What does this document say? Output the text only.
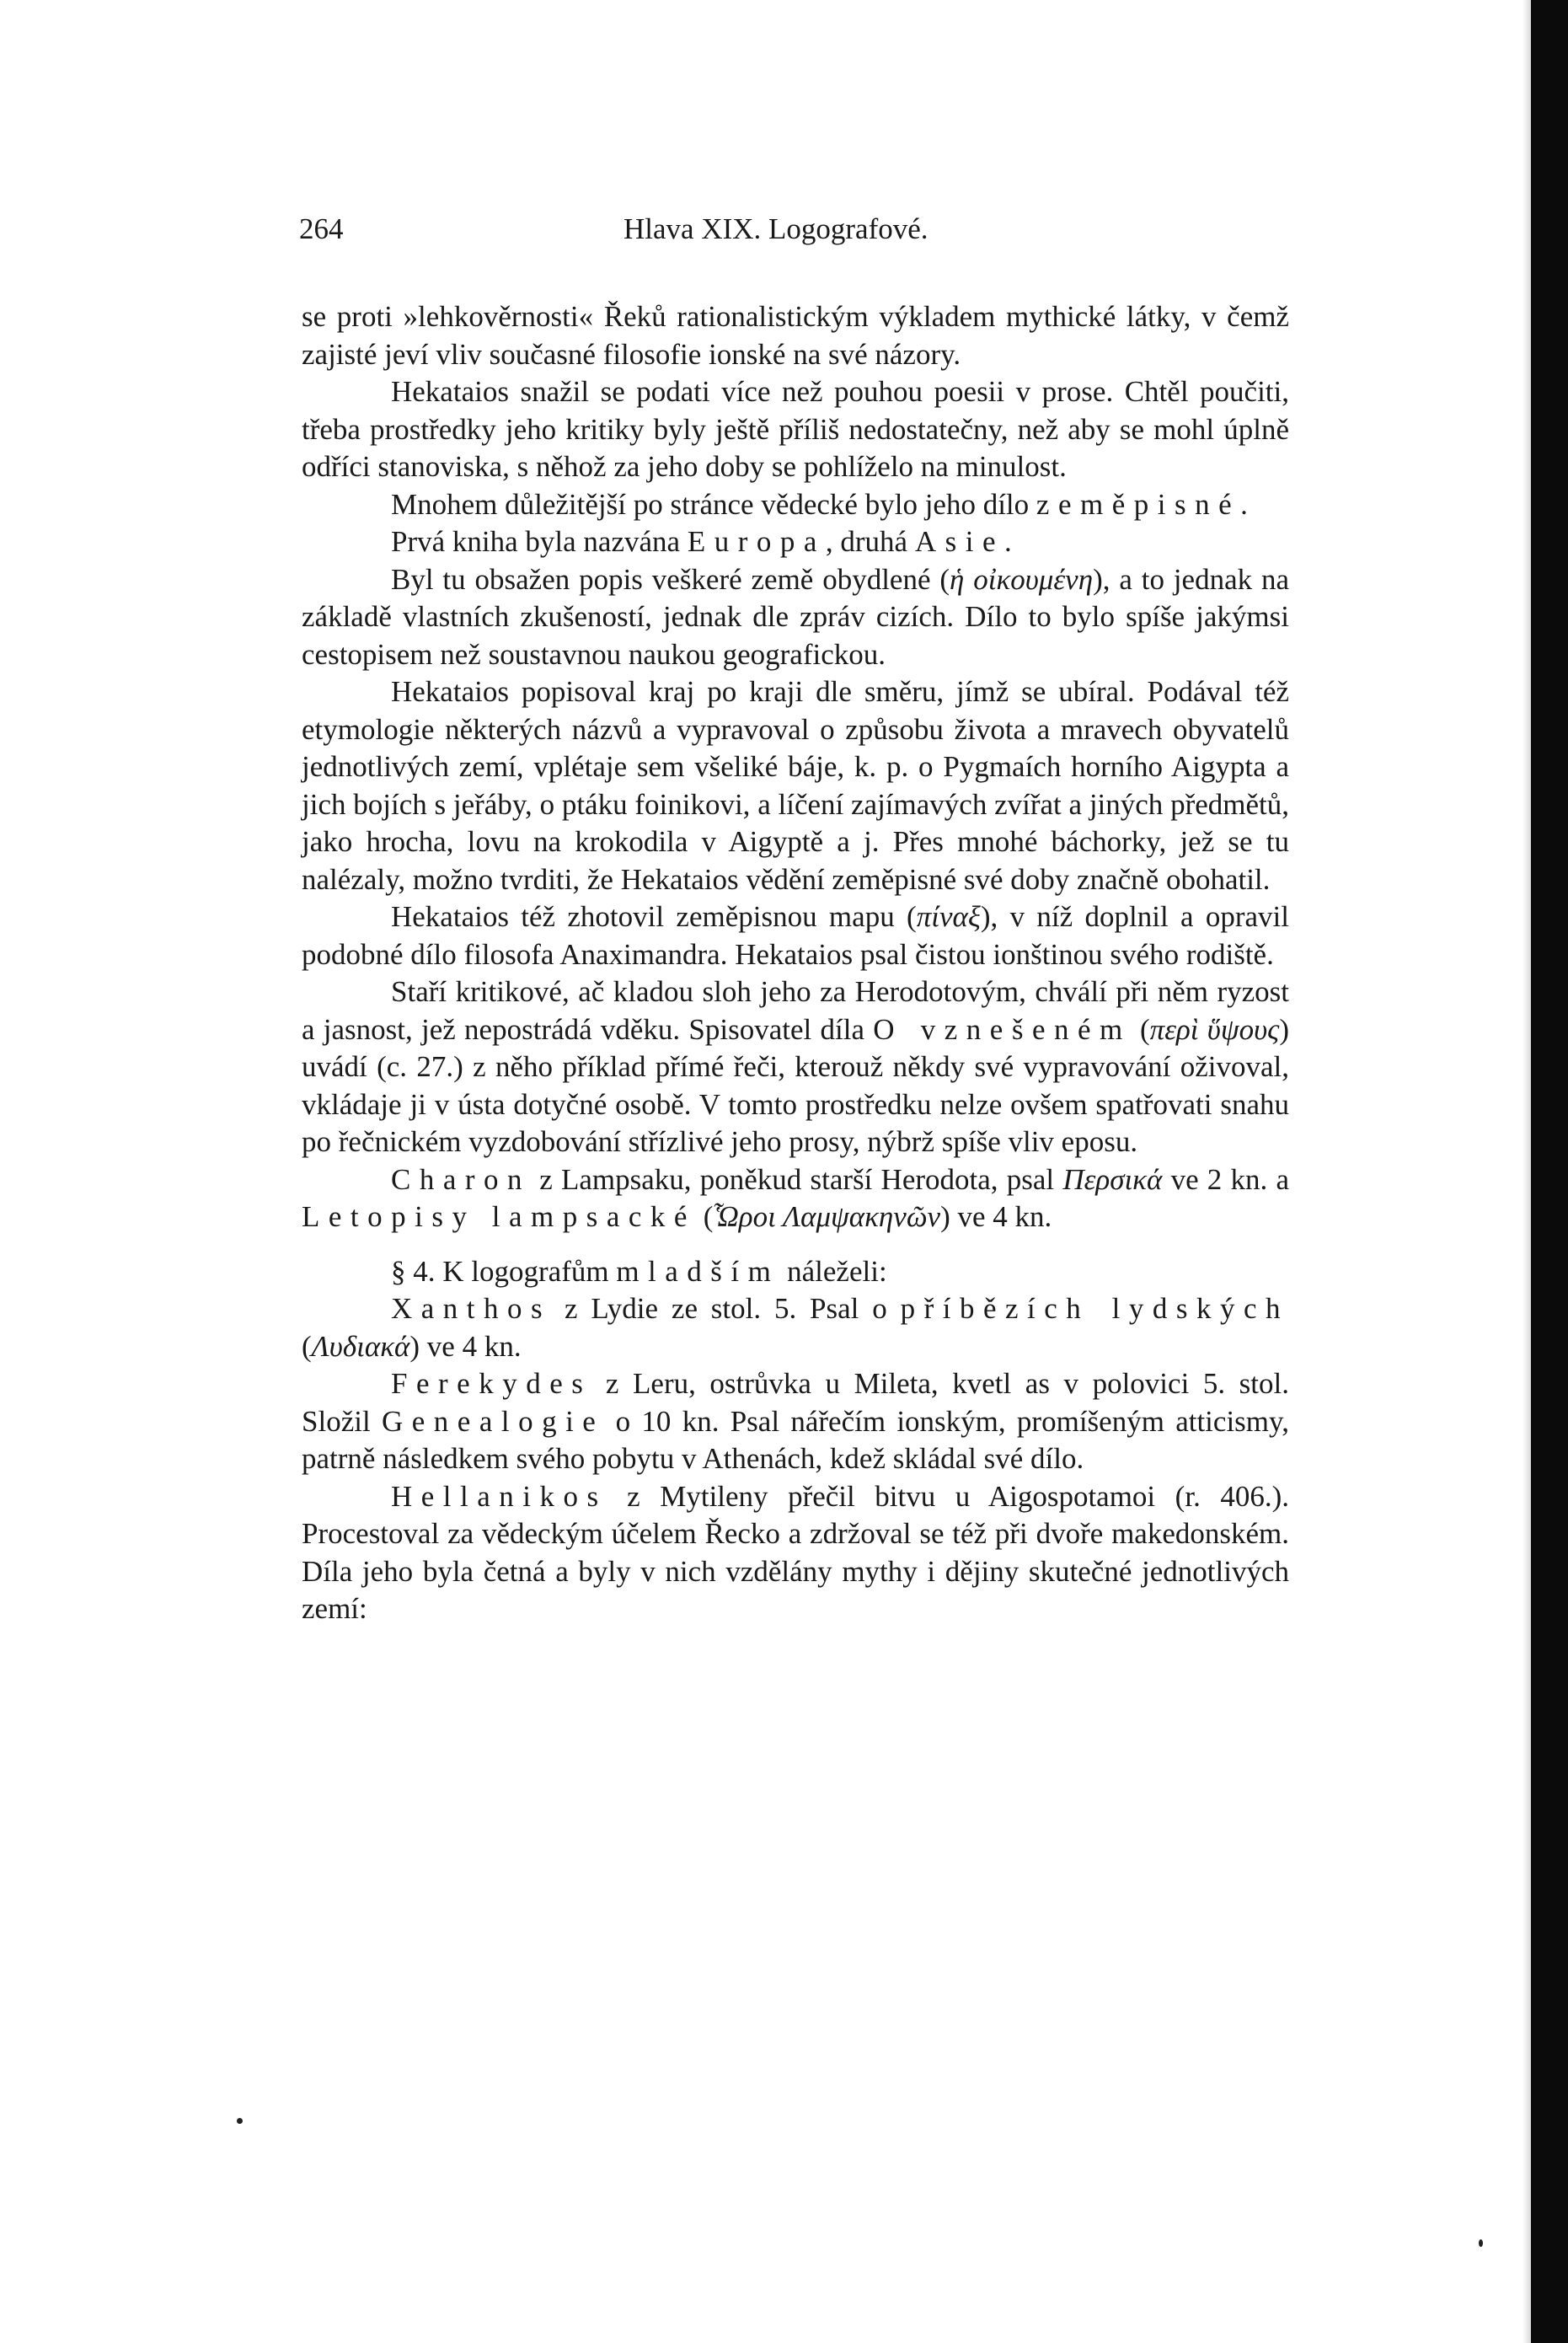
264	Hlava XIX. Logografové.

se proti »lehkověrnosti« Řeků rationalistickým výkladem mythické látky, v čemž zajisté jeví vliv současné filosofie ionské na své názory.

Hekataios snažil se podati více než pouhou poesii v prose. Chtěl poučiti, třeba prostředky jeho kritiky byly ještě příliš nedostatečny, než aby se mohl úplně odříci stanoviska, s něhož za jeho doby se pohlíželo na minulost.

Mnohem důležitější po stránce vědecké bylo jeho dílo zeměpisné.

Prvá kniha byla nazvána Europa, druhá Asie.

Byl tu obsažen popis veškeré země obydlené (ἡ οἰκουμένη), a to jednak na základě vlastních zkušeností, jednak dle zpráv cizích. Dílo to bylo spíše jakýmsi cestopisem než soustavnou naukou geografickou.

Hekataios popisoval kraj po kraji dle směru, jímž se ubíral. Podával též etymologie některých názvů a vypravoval o způsobu života a mravech obyvatelů jednotlivých zemí, vplétaje sem všeliké báje, k. p. o Pygmaích horního Aigypta a jich bojích s jeřáby, o ptáku foinikovi, a líčení zajímavých zvířat a jiných předmětů, jako hrocha, lovu na krokodila v Aigyptě a j. Přes mnohé báchorky, jež se tu nalézaly, možno tvrditi, že Hekataios vědění zeměpisné své doby značně obohatil.

Hekataios též zhotovil zeměpisnou mapu (πίναξ), v níž doplnil a opravil podobné dílo filosofa Anaximandra. Hekataios psal čistou ionštinou svého rodiště.

Staří kritikové, ač kladou sloh jeho za Herodotovým, chválí při něm ryzost a jasnost, jež nepostrádá vděku. Spisovatel díla O vznešeném (περὶ ὕψους) uvádí (c. 27.) z něho příklad přímé řeči, kterouž někdy své vypravování oživoval, vkládaje ji v ústa dotyčné osobě. V tomto prostředku nelze ovšem spatřovati snahu po řečnickém vyzdobování střízlivé jeho prosy, nýbrž spíše vliv eposu.

Charon z Lampsaku, poněkud starší Herodota, psal Περσικά ve 2 kn. a Letopisy lampsacké (Ὧροι Λαμψακηνῶν) ve 4 kn.

§ 4. K logografům mladším náleželi:

Xanthos z Lydie ze stol. 5. Psal o příbězích lydských (Λυδιακά) ve 4 kn.

Ferekydes z Leru, ostrůvka u Mileta, kvetl as v polovici 5. stol. Složil Genealogie o 10 kn. Psal nářečím ionským, promíšeným atticismy, patrně následkem svého pobytu v Athenách, kdež skládal své dílo.

Hellanikos z Mytileny přečil bitvu u Aigospotamoi (r. 406.). Procestoval za vědeckým účelem Řecko a zdržoval se též při dvoře makedonském. Díla jeho byla četná a byly v nich vzdělány mythy i dějiny skutečné jednotlivých zemí:
